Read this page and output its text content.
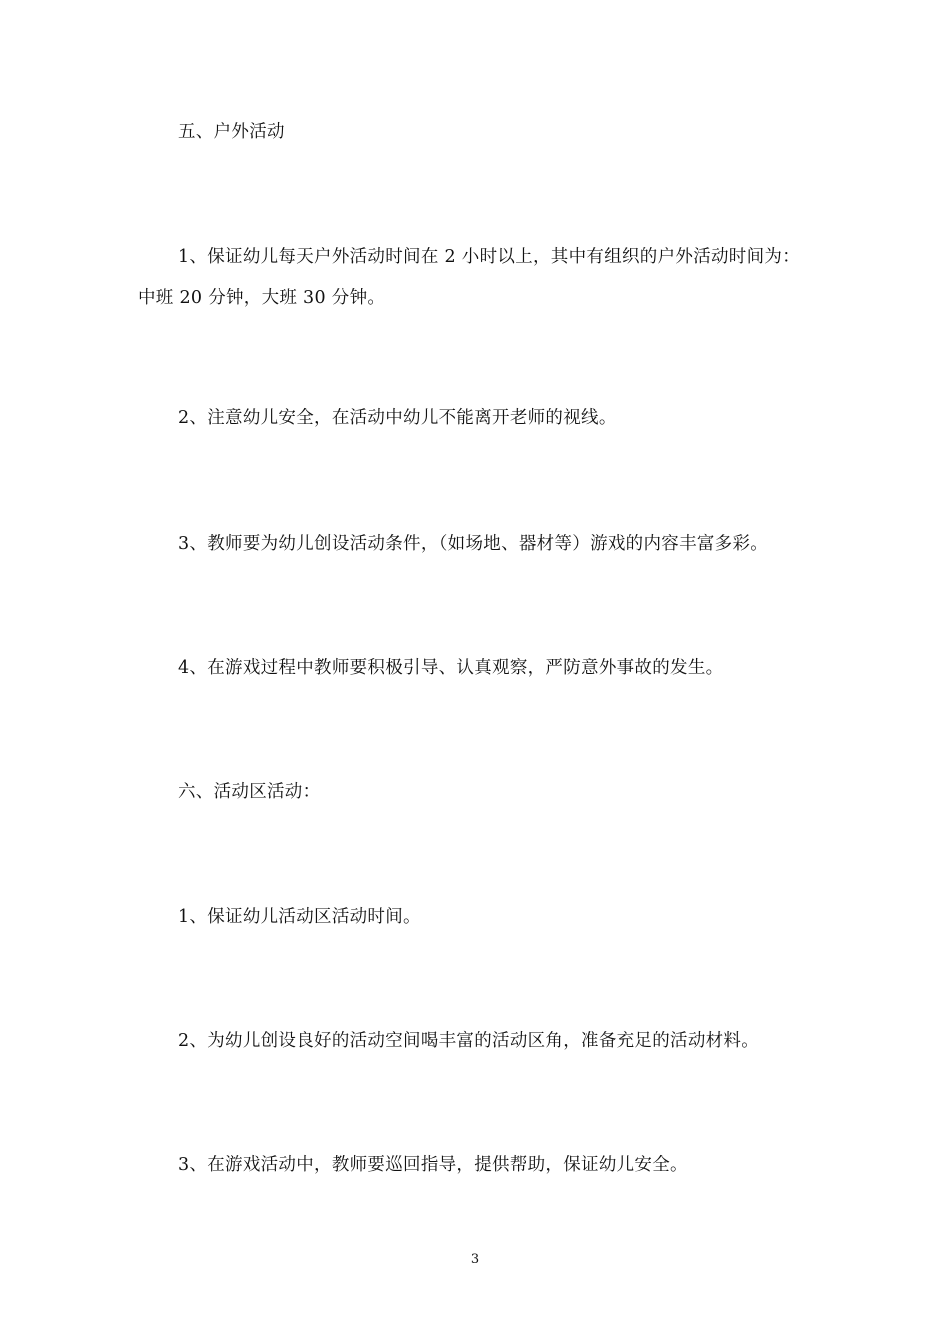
五、户外活动
1、保证幼儿每天户外活动时间在 2 小时以上，其中有组织的户外活动时间为：
中班 20 分钟，大班 30 分钟。
2、注意幼儿安全，在活动中幼儿不能离开老师的视线。
3、教师要为幼儿创设活动条件，（如场地、器材等）游戏的内容丰富多彩。
4、在游戏过程中教师要积极引导、认真观察，严防意外事故的发生。
六、活动区活动：
1、保证幼儿活动区活动时间。
2、为幼儿创设良好的活动空间喝丰富的活动区角，准备充足的活动材料。
3、在游戏活动中，教师要巡回指导，提供帮助，保证幼儿安全。
3
